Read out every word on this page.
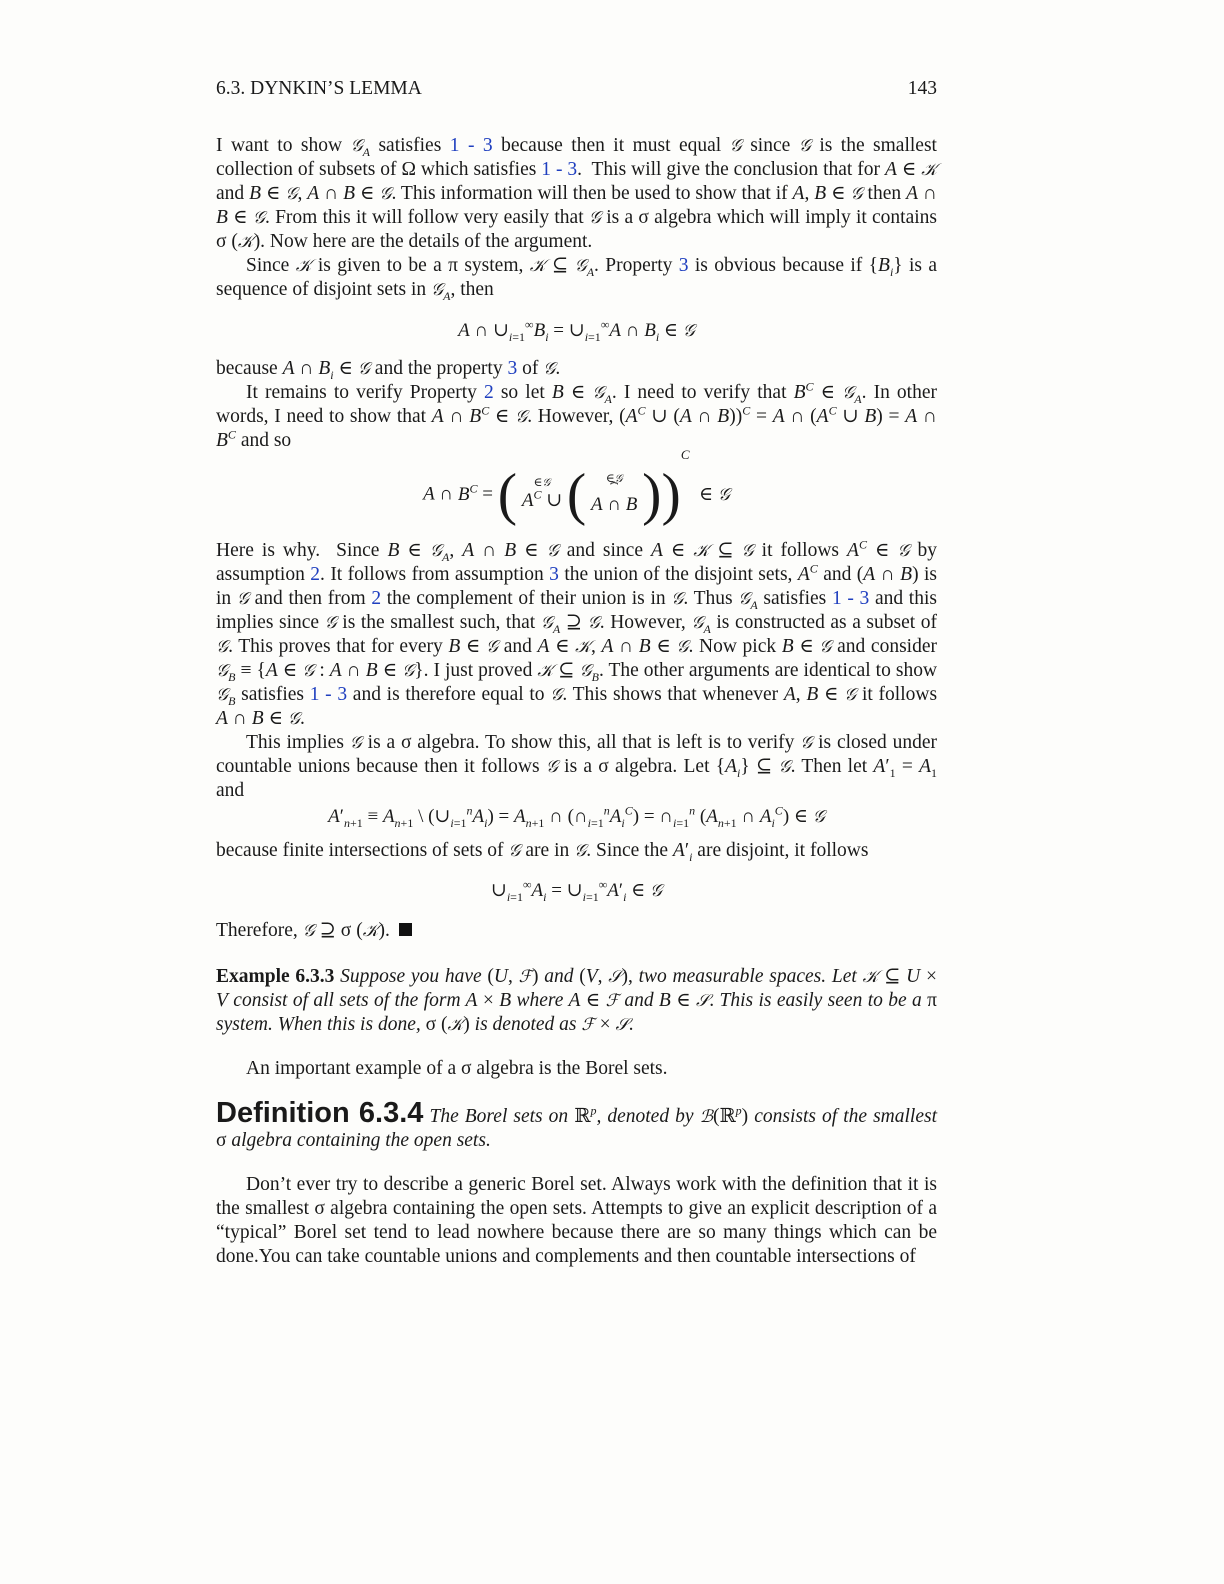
6.3. DYNKIN’S LEMMA	143

I want to show 𝒢$_A$ satisfies 1 - 3 because then it must equal 𝒢 since 𝒢 is the smallest collection of subsets of Ω which satisfies 1 - 3.  This will give the conclusion that for A ∈ 𝒦 and B ∈ 𝒢, A ∩ B ∈ 𝒢. This information will then be used to show that if A, B ∈ 𝒢 then A ∩ B ∈ 𝒢. From this it will follow very easily that 𝒢 is a σ algebra which will imply it contains σ (𝒦). Now here are the details of the argument.

Since 𝒦 is given to be a π system, 𝒦 ⊆ 𝒢$_A$. Property 3 is obvious because if $\{B_i\}$ is a sequence of disjoint sets in 𝒢$_A$, then

A ∩ $\cup_{i=1}^\infty B_i$ = $\cup_{i=1}^\infty A$ ∩ $B_i$ ∈ 𝒢

because A ∩ $B_i$ ∈ 𝒢 and the property 3 of 𝒢.

It remains to verify Property 2 so let B ∈ 𝒢$_A$. I need to verify that $B^C$ ∈ 𝒢$_A$. In other words, I need to show that A ∩ $B^C$ ∈ 𝒢. However, ($A^C$ ∪ (A ∩ B))$^C$ = A ∩ ($A^C$ ∪ B) = A ∩ $B^C$ and so

A ∩ $B^C$ = (	∈𝒢
$A^C$ ∪ (	∈𝒢
⏞
A ∩ B ))$^C$  ∈ 𝒢

Here is why.  Since B ∈ 𝒢$_A$, A ∩ B ∈ 𝒢 and since A ∈ 𝒦 ⊆ 𝒢 it follows $A^C$ ∈ 𝒢 by assumption 2. It follows from assumption 3 the union of the disjoint sets, $A^C$ and (A ∩ B) is in 𝒢 and then from 2 the complement of their union is in 𝒢. Thus 𝒢$_A$ satisfies 1 - 3 and this implies since 𝒢 is the smallest such, that 𝒢$_A$ ⊇ 𝒢. However, 𝒢$_A$ is constructed as a subset of 𝒢. This proves that for every B ∈ 𝒢 and A ∈ 𝒦, A ∩ B ∈ 𝒢. Now pick B ∈ 𝒢 and consider 𝒢$_B$ ≡ {A ∈ 𝒢 : A ∩ B ∈ 𝒢}. I just proved 𝒦 ⊆ 𝒢$_B$. The other arguments are identical to show 𝒢$_B$ satisfies 1 - 3 and is therefore equal to 𝒢. This shows that whenever A, B ∈ 𝒢 it follows A ∩ B ∈ 𝒢.

This implies 𝒢 is a σ algebra. To show this, all that is left is to verify 𝒢 is closed under countable unions because then it follows 𝒢 is a σ algebra. Let $\{A_i\}$ ⊆ 𝒢. Then let $A'_1 = A_1$ and

$A'_{n+1} \equiv A_{n+1}$ \ $(\cup_{i=1}^nA_i) = A_{n+1}$ ∩ $(\cap_{i=1}^nA_i^C)$ = $\cap_{i=1}^n$ ($A_{n+1}$ ∩ $A_i^C$) ∈ 𝒢

because finite intersections of sets of 𝒢 are in 𝒢. Since the $A'_i$ are disjoint, it follows

$\cup_{i=1}^\infty A_i$ = $\cup_{i=1}^\infty A'_i$ ∈ 𝒢

Therefore, 𝒢 ⊇ σ (𝒦).

Example 6.3.3 Suppose you have (U, ℱ) and (V, 𝒮), two measurable spaces. Let 𝒦 ⊆ U × V consist of all sets of the form A × B where A ∈ ℱ and B ∈ 𝒮. This is easily seen to be a π system. When this is done, σ (𝒦) is denoted as ℱ × 𝒮.

An important example of a σ algebra is the Borel sets.

Definition 6.3.4 The Borel sets on ℝ$^p$, denoted by ℬ(ℝ$^p$) consists of the smallest σ algebra containing the open sets.

Don’t ever try to describe a generic Borel set. Always work with the definition that it is the smallest σ algebra containing the open sets. Attempts to give an explicit description of a “typical” Borel set tend to lead nowhere because there are so many things which can be done.You can take countable unions and complements and then countable intersections of
